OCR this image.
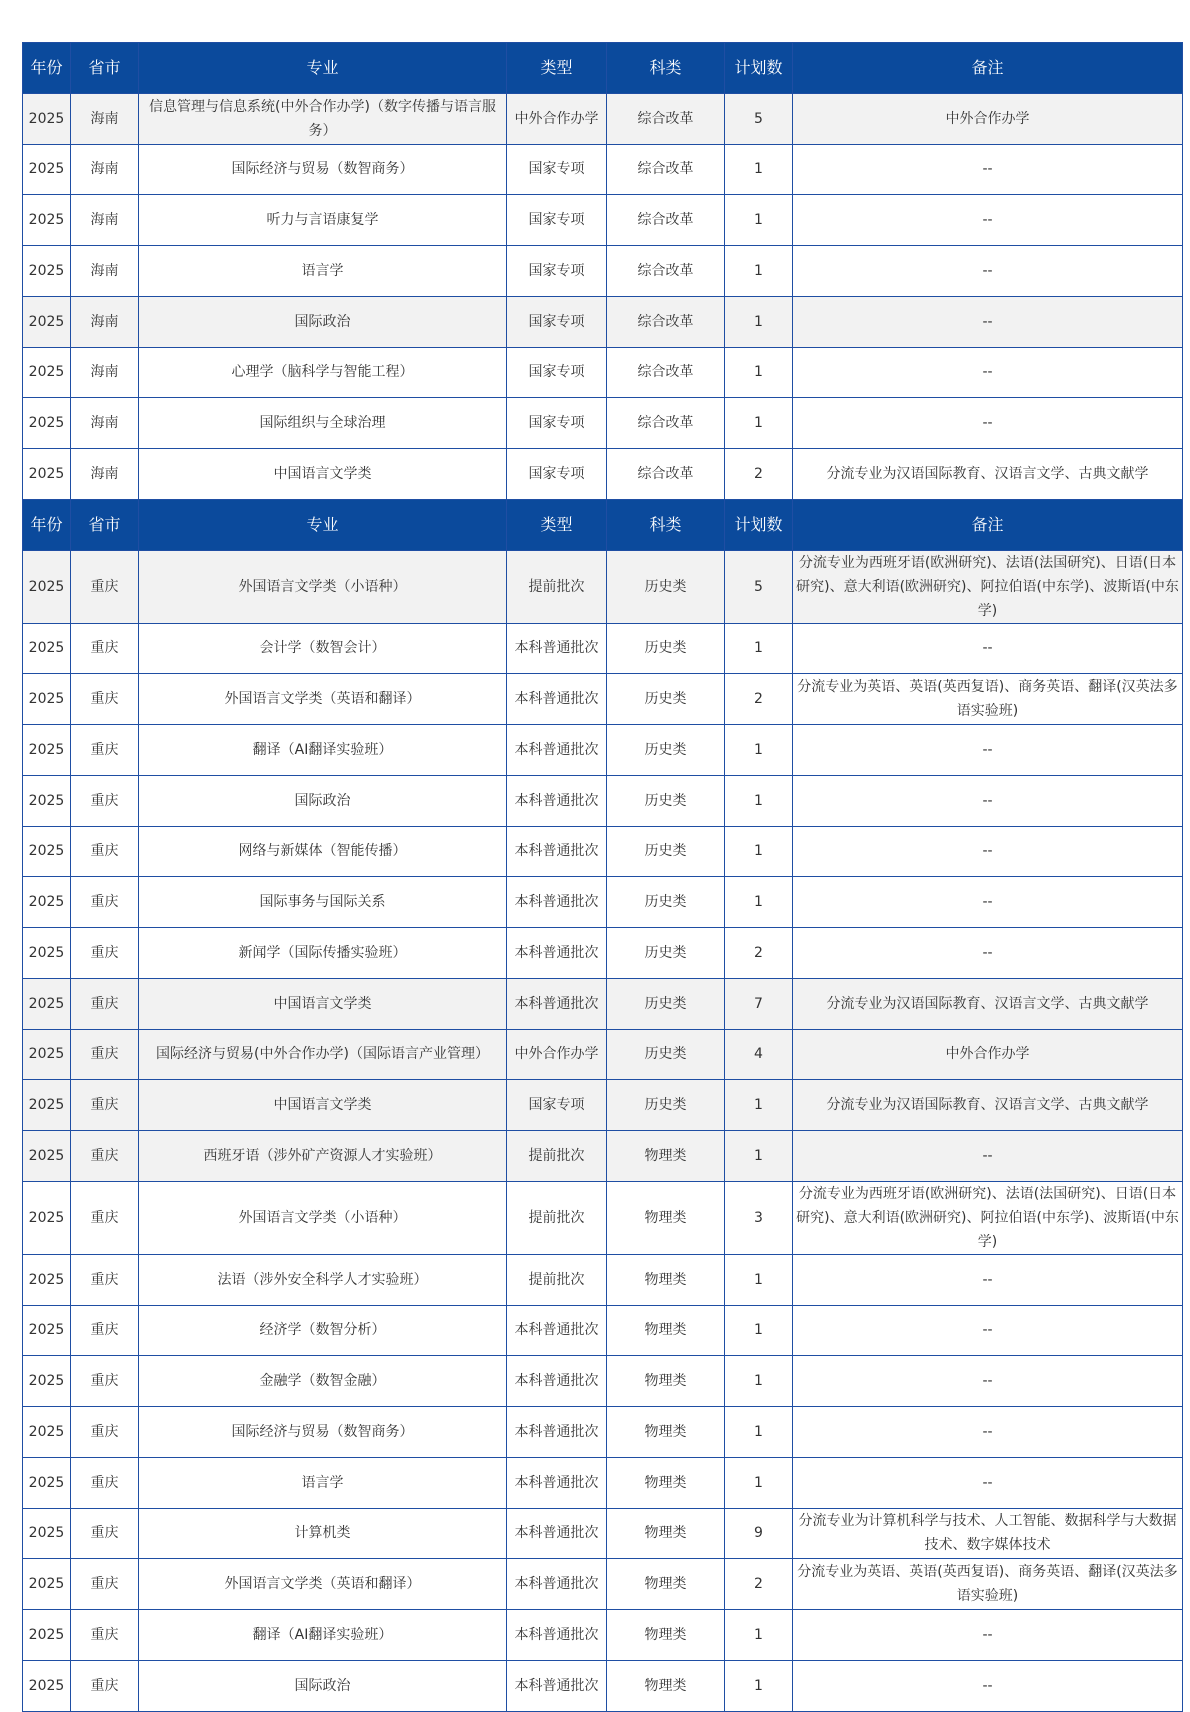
年份	省市	专业	类型	科类	计划数	备注
2025	海南	信息管理与信息系统(中外合作办学)（数字传播与语言服务）	中外合作办学	综合改革	5	中外合作办学
2025	海南	国际经济与贸易（数智商务）	国家专项	综合改革	1	--
2025	海南	听力与言语康复学	国家专项	综合改革	1	--
2025	海南	语言学	国家专项	综合改革	1	--
2025	海南	国际政治	国家专项	综合改革	1	--
2025	海南	心理学（脑科学与智能工程）	国家专项	综合改革	1	--
2025	海南	国际组织与全球治理	国家专项	综合改革	1	--
2025	海南	中国语言文学类	国家专项	综合改革	2	分流专业为汉语国际教育、汉语言文学、古典文献学
年份	省市	专业	类型	科类	计划数	备注
2025	重庆	外国语言文学类（小语种）	提前批次	历史类	5	分流专业为西班牙语(欧洲研究)、法语(法国研究)、日语(日本研究)、意大利语(欧洲研究)、阿拉伯语(中东学)、波斯语(中东学)
2025	重庆	会计学（数智会计）	本科普通批次	历史类	1	--
2025	重庆	外国语言文学类（英语和翻译）	本科普通批次	历史类	2	分流专业为英语、英语(英西复语)、商务英语、翻译(汉英法多语实验班)
2025	重庆	翻译（AI翻译实验班）	本科普通批次	历史类	1	--
2025	重庆	国际政治	本科普通批次	历史类	1	--
2025	重庆	网络与新媒体（智能传播）	本科普通批次	历史类	1	--
2025	重庆	国际事务与国际关系	本科普通批次	历史类	1	--
2025	重庆	新闻学（国际传播实验班）	本科普通批次	历史类	2	--
2025	重庆	中国语言文学类	本科普通批次	历史类	7	分流专业为汉语国际教育、汉语言文学、古典文献学
2025	重庆	国际经济与贸易(中外合作办学)（国际语言产业管理）	中外合作办学	历史类	4	中外合作办学
2025	重庆	中国语言文学类	国家专项	历史类	1	分流专业为汉语国际教育、汉语言文学、古典文献学
2025	重庆	西班牙语（涉外矿产资源人才实验班）	提前批次	物理类	1	--
2025	重庆	外国语言文学类（小语种）	提前批次	物理类	3	分流专业为西班牙语(欧洲研究)、法语(法国研究)、日语(日本研究)、意大利语(欧洲研究)、阿拉伯语(中东学)、波斯语(中东学)
2025	重庆	法语（涉外安全科学人才实验班）	提前批次	物理类	1	--
2025	重庆	经济学（数智分析）	本科普通批次	物理类	1	--
2025	重庆	金融学（数智金融）	本科普通批次	物理类	1	--
2025	重庆	国际经济与贸易（数智商务）	本科普通批次	物理类	1	--
2025	重庆	语言学	本科普通批次	物理类	1	--
2025	重庆	计算机类	本科普通批次	物理类	9	分流专业为计算机科学与技术、人工智能、数据科学与大数据技术、数字媒体技术
2025	重庆	外国语言文学类（英语和翻译）	本科普通批次	物理类	2	分流专业为英语、英语(英西复语)、商务英语、翻译(汉英法多语实验班)
2025	重庆	翻译（AI翻译实验班）	本科普通批次	物理类	1	--
2025	重庆	国际政治	本科普通批次	物理类	1	--
